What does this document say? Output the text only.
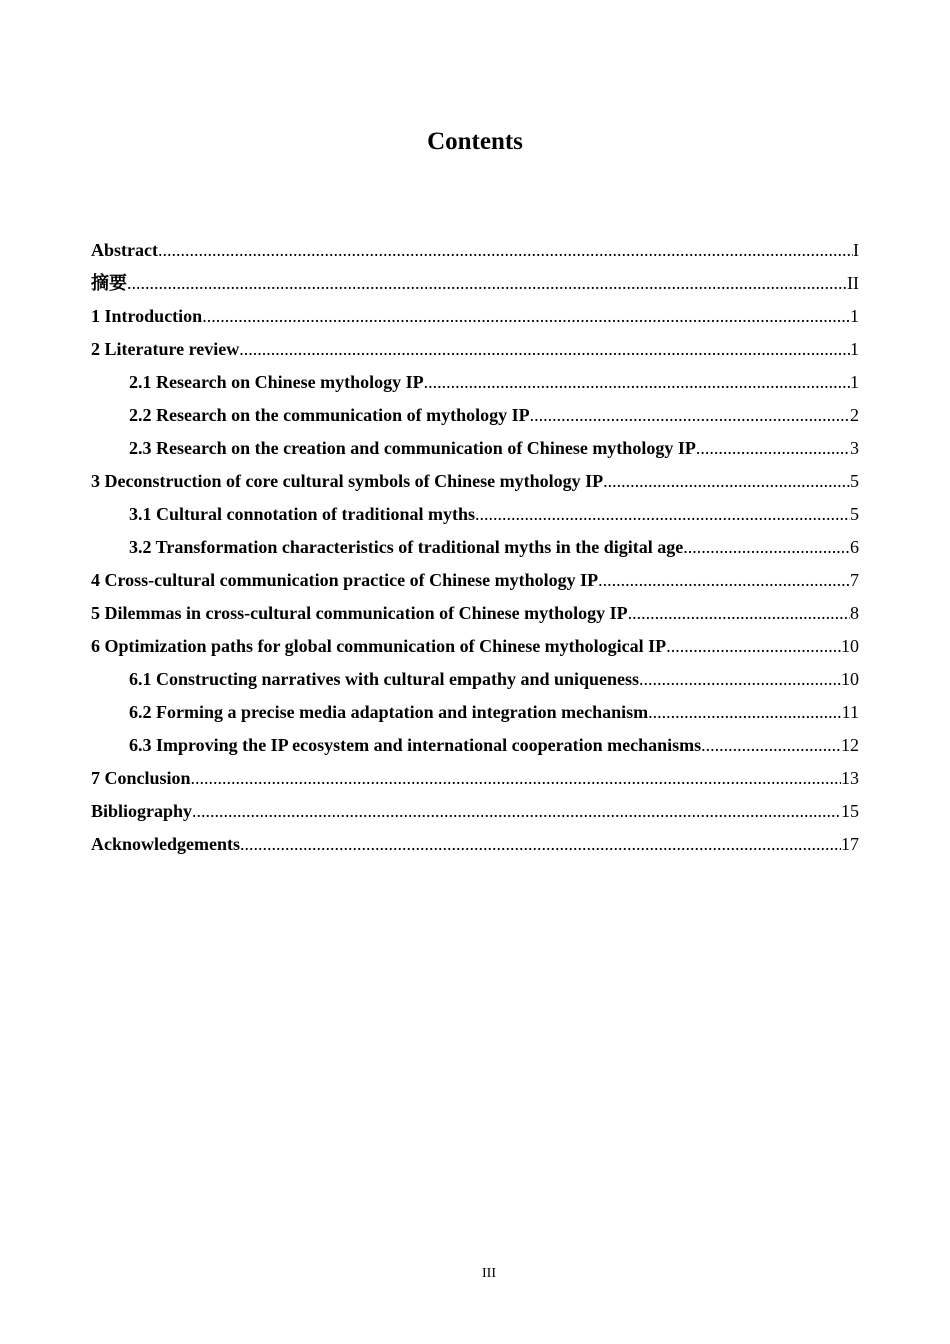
Contents
Abstract .....	I
摘要 .....	II
1 Introduction .....	1
2 Literature review .....	1
2.1 Research on Chinese mythology IP .....	1
2.2 Research on the communication of mythology IP .....	2
2.3 Research on the creation and communication of Chinese mythology IP .....	3
3 Deconstruction of core cultural symbols of Chinese mythology IP .....	5
3.1 Cultural connotation of traditional myths .....	5
3.2 Transformation characteristics of traditional myths in the digital age .....	6
4 Cross-cultural communication practice of Chinese mythology IP .....	7
5 Dilemmas in cross-cultural communication of Chinese mythology IP .....	8
6 Optimization paths for global communication of Chinese mythological IP .....	10
6.1 Constructing narratives with cultural empathy and uniqueness .....	10
6.2 Forming a precise media adaptation and integration mechanism .....	11
6.3 Improving the IP ecosystem and international cooperation mechanisms .....	12
7 Conclusion .....	13
Bibliography .....	15
Acknowledgements .....	17
III
